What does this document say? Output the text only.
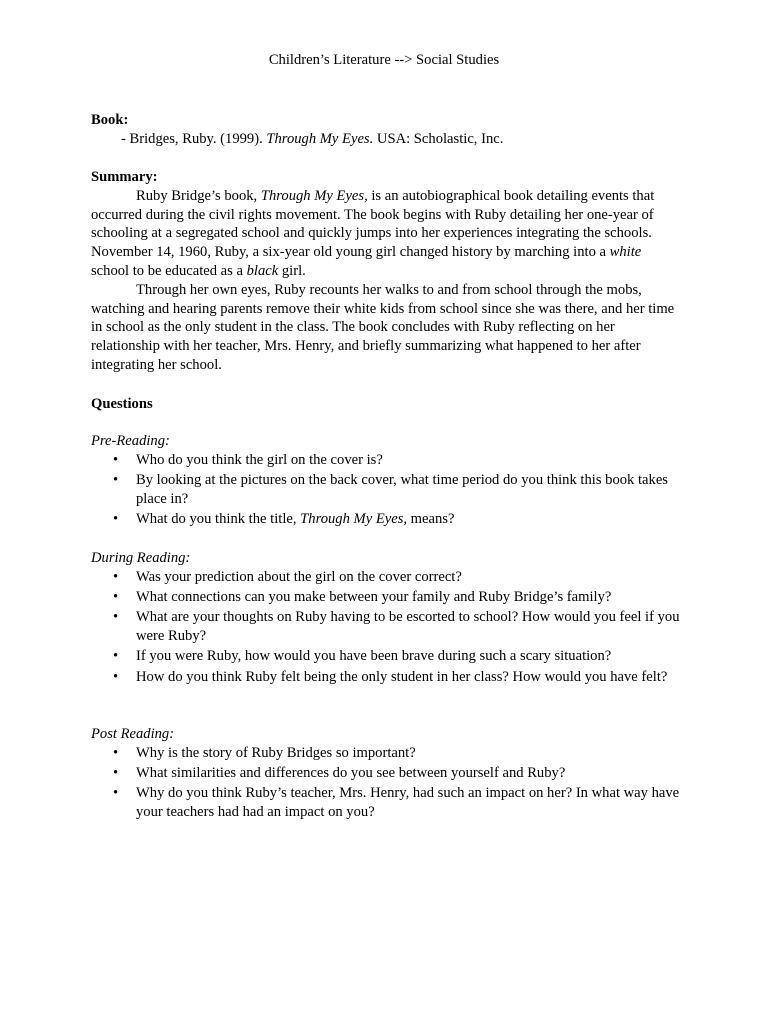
Children’s Literature --> Social Studies

Book:

- Bridges, Ruby. (1999). Through My Eyes. USA: Scholastic, Inc.

Summary:

Ruby Bridge’s book, Through My Eyes, is an autobiographical book detailing events that occurred during the civil rights movement. The book begins with Ruby detailing her one-year of schooling at a segregated school and quickly jumps into her experiences integrating the schools. November 14, 1960, Ruby, a six-year old young girl changed history by marching into a white school to be educated as a black girl.

Through her own eyes, Ruby recounts her walks to and from school through the mobs, watching and hearing parents remove their white kids from school since she was there, and her time in school as the only student in the class. The book concludes with Ruby reflecting on her relationship with her teacher, Mrs. Henry, and briefly summarizing what happened to her after integrating her school.

Questions

Pre-Reading:

• Who do you think the girl on the cover is?
• By looking at the pictures on the back cover, what time period do you think this book takes place in?
• What do you think the title, Through My Eyes, means?

During Reading:

• Was your prediction about the girl on the cover correct?
• What connections can you make between your family and Ruby Bridge’s family?
• What are your thoughts on Ruby having to be escorted to school? How would you feel if you were Ruby?
• If you were Ruby, how would you have been brave during such a scary situation?
• How do you think Ruby felt being the only student in her class? How would you have felt?

Post Reading:

• Why is the story of Ruby Bridges so important?
• What similarities and differences do you see between yourself and Ruby?
• Why do you think Ruby’s teacher, Mrs. Henry, had such an impact on her? In what way have your teachers had had an impact on you?
